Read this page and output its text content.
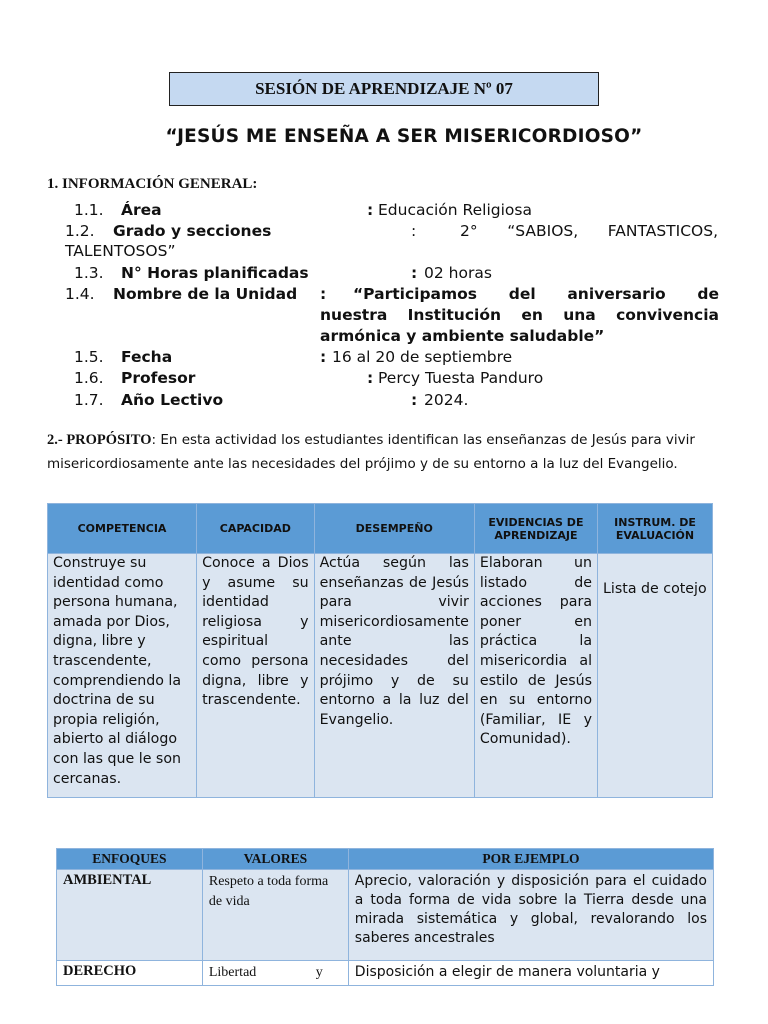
SESIÓN DE APRENDIZAJE Nº 07
“JESÚS ME ENSEÑA A SER MISERICORDIOSO”
1. INFORMACIÓN GENERAL:
1.1. Área	: Educación Religiosa
1.2. Grado y secciones	:	2° “SABIOS, FANTASTICOS,
TALENTOSOS”
1.3. N° Horas planificadas	: 02 horas
1.4. Nombre de la Unidad : “Participamos del aniversario de
nuestra Institución en una convivencia
armónica y ambiente saludable”
1.5. Fecha	: 16 al 20 de septiembre
1.6. Profesor	: Percy Tuesta Panduro
1.7. Año Lectivo	: 2024.
2.- PROPÓSITO: En esta actividad los estudiantes identifican las enseñanzas de Jesús para vivir misericordiosamente ante las necesidades del prójimo y de su entorno a la luz del Evangelio.
COMPETENCIA	CAPACIDAD	DESEMPEÑO	EVIDENCIAS DE APRENDIZAJE	INSTRUM. DE EVALUACIÓN
Construye su identidad como persona humana, amada por Dios, digna, libre y trascendente, comprendiendo la doctrina de su propia religión, abierto al diálogo con las que le son cercanas.	Conoce a Dios y asume su identidad religiosa y espiritual como persona digna, libre y trascendente.	Actúa según las enseñanzas de Jesús para vivir misericordiosamente ante las necesidades del prójimo y de su entorno a la luz del Evangelio.	Elaboran un listado de acciones para poner en práctica la misericordia al estilo de Jesús en su entorno (Familiar, IE y Comunidad).	Lista de cotejo
ENFOQUES	VALORES	POR EJEMPLO
AMBIENTAL	Respeto a toda forma de vida	Aprecio, valoración y disposición para el cuidado a toda forma de vida sobre la Tierra desde una mirada sistemática y global, revalorando los saberes ancestrales
DERECHO	Libertad                 y	Disposición a elegir de manera voluntaria y
